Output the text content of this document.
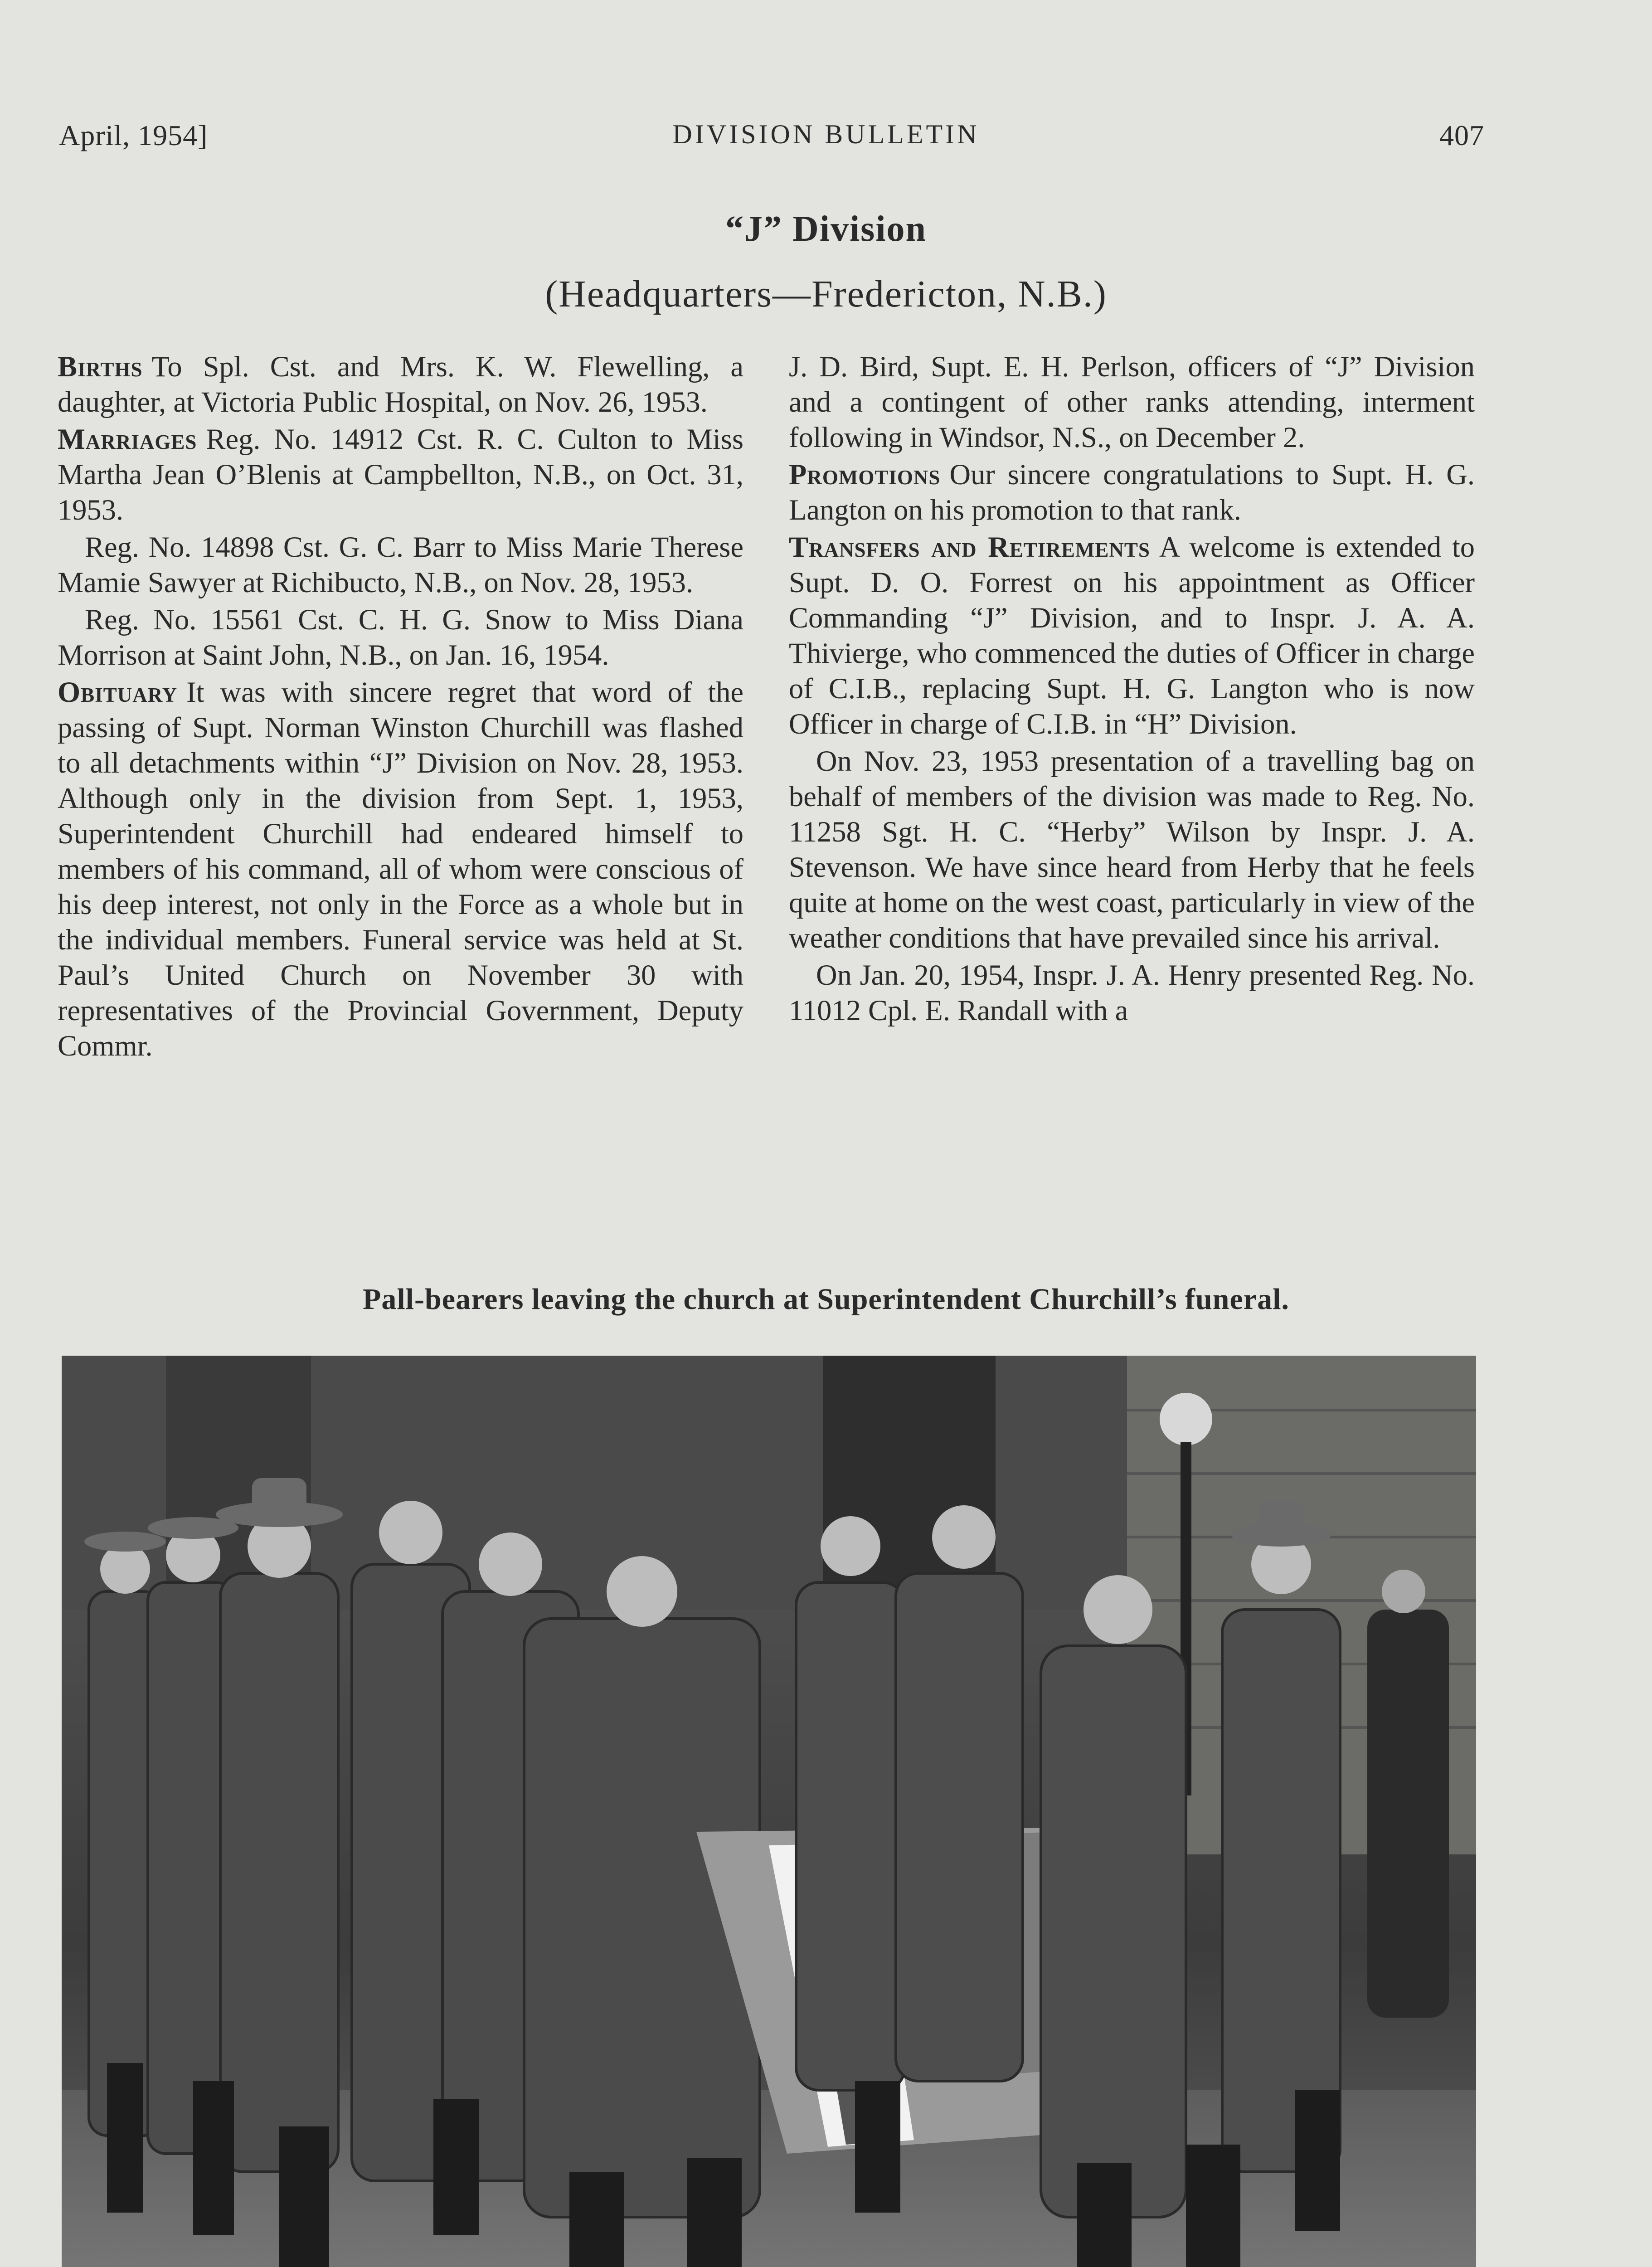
April, 1954]	DIVISION BULLETIN	407
“J” Division
(Headquarters—Fredericton, N.B.)

Births To Spl. Cst. and Mrs. K. W. Flewelling, a daughter, at Victoria Public Hospital, on Nov. 26, 1953.

Marriages Reg. No. 14912 Cst. R. C. Culton to Miss Martha Jean O’Blenis at Campbellton, N.B., on Oct. 31, 1953.

Reg. No. 14898 Cst. G. C. Barr to Miss Marie Therese Mamie Sawyer at Richibucto, N.B., on Nov. 28, 1953.

Reg. No. 15561 Cst. C. H. G. Snow to Miss Diana Morrison at Saint John, N.B., on Jan. 16, 1954.

Obituary It was with sincere regret that word of the passing of Supt. Norman Winston Churchill was flashed to all detachments within “J” Division on Nov. 28, 1953. Although only in the division from Sept. 1, 1953, Superintendent Churchill had endeared himself to members of his command, all of whom were conscious of his deep interest, not only in the Force as a whole but in the individual members. Funeral service was held at St. Paul’s United Church on November 30 with representatives of the Provincial Government, Deputy Commr.

J. D. Bird, Supt. E. H. Perlson, officers of “J” Division and a contingent of other ranks attending, interment following in Windsor, N.S., on December 2.

Promotions Our sincere congratulations to Supt. H. G. Langton on his promotion to that rank.

Transfers and Retirements A welcome is extended to Supt. D. O. Forrest on his appointment as Officer Commanding “J” Division, and to Inspr. J. A. A. Thivierge, who commenced the duties of Officer in charge of C.I.B., replacing Supt. H. G. Langton who is now Officer in charge of C.I.B. in “H” Division.

On Nov. 23, 1953 presentation of a travelling bag on behalf of members of the division was made to Reg. No. 11258 Sgt. H. C. “Herby” Wilson by Inspr. J. A. Stevenson. We have since heard from Herby that he feels quite at home on the west coast, particularly in view of the weather conditions that have prevailed since his arrival.

On Jan. 20, 1954, Inspr. J. A. Henry presented Reg. No. 11012 Cpl. E. Randall with a

Pall-bearers leaving the church at Superintendent Churchill’s funeral.
